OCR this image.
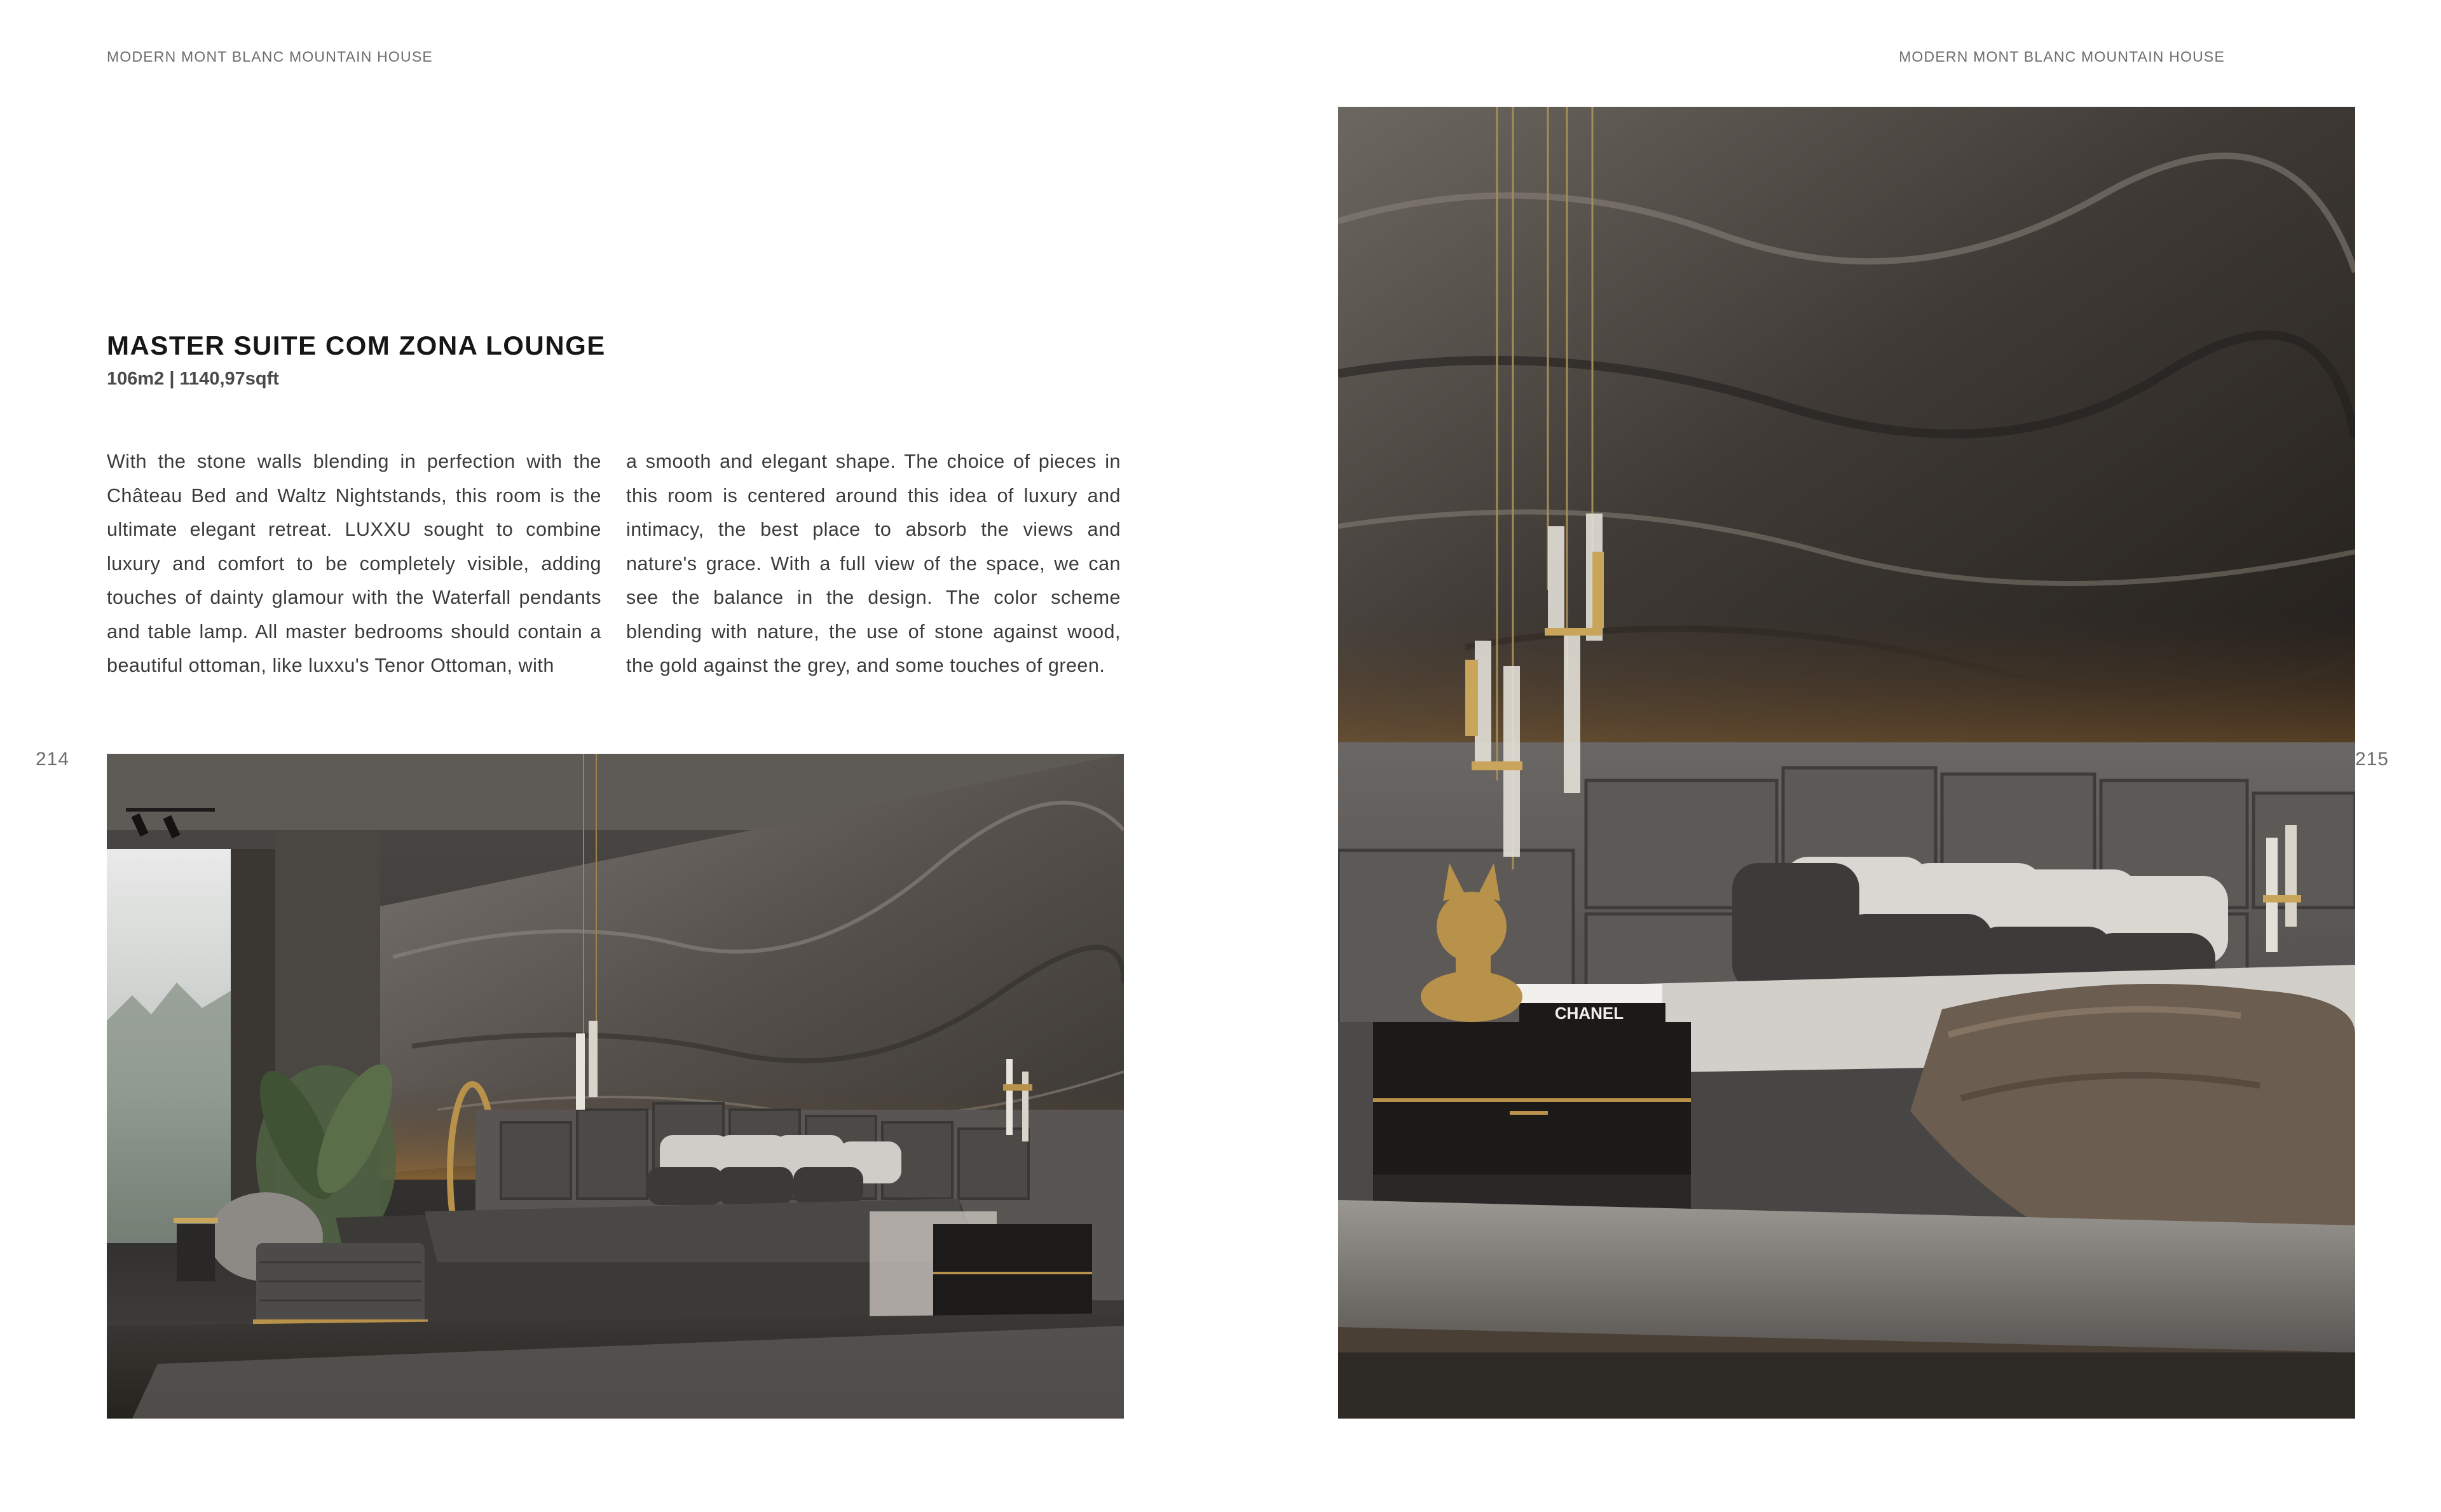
MODERN MONT BLANC MOUNTAIN HOUSE	MODERN MONT BLANC MOUNTAIN HOUSE
214	215
MASTER SUITE COM ZONA LOUNGE
106m2 | 1140,97sqft
With the stone walls blending in perfection with the Château Bed and Waltz Nightstands, this room is the ultimate elegant retreat. LUXXU sought to combine luxury and comfort to be completely visible, adding touches of dainty glamour with the Waterfall pendants and table lamp. All master bedrooms should contain a beautiful ottoman, like luxxu's Tenor Ottoman, with
a smooth and elegant shape. The choice of pieces in this room is centered around this idea of luxury and intimacy, the best place to absorb the views and nature's grace. With a full view of the space, we can see the balance in the design. The color scheme blending with nature, the use of stone against wood, the gold against the grey, and some touches of green.
CHANEL
